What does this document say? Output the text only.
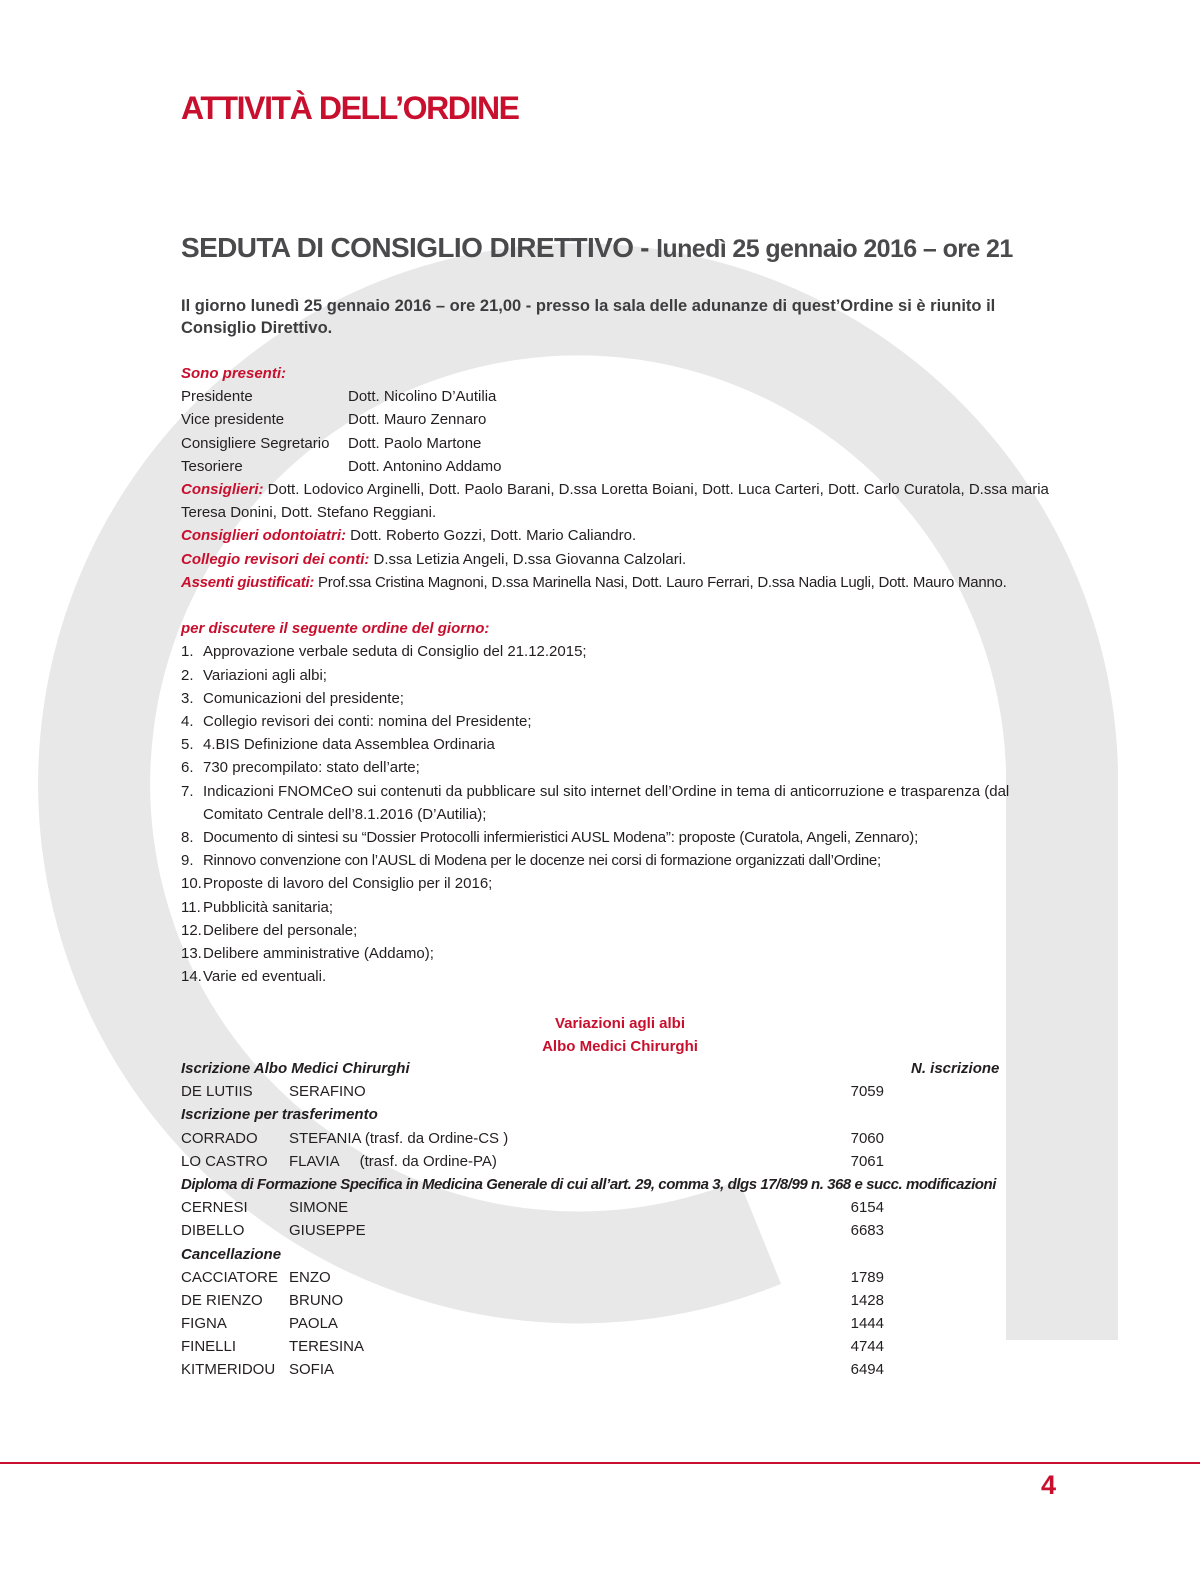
ATTIVITÀ DELL’ORDINE
SEDUTA DI CONSIGLIO DIRETTIVO - lunedì 25 gennaio 2016 – ore 21

Il giorno lunedì 25 gennaio 2016 – ore 21,00 - presso la sala delle adunanze di quest’Ordine si è riunito il Consiglio Direttivo.

Sono presenti:
Presidente	Dott. Nicolino D’Autilia
Vice presidente	Dott. Mauro Zennaro
Consigliere Segretario	Dott. Paolo Martone
Tesoriere	Dott. Antonino Addamo

Consiglieri: Dott. Lodovico Arginelli, Dott. Paolo Barani, D.ssa Loretta Boiani, Dott. Luca Carteri, Dott. Carlo Curatola, D.ssa maria Teresa Donini, Dott. Stefano Reggiani.

Consiglieri odontoiatri: Dott. Roberto Gozzi, Dott. Mario Caliandro.

Collegio revisori dei conti: D.ssa Letizia Angeli, D.ssa Giovanna Calzolari.

Assenti giustificati: Prof.ssa Cristina Magnoni, D.ssa Marinella Nasi, Dott. Lauro Ferrari, D.ssa Nadia Lugli, Dott. Mauro Manno.

per discutere il seguente ordine del giorno:
1. Approvazione verbale seduta di Consiglio del 21.12.2015;
2. Variazioni agli albi;
3. Comunicazioni del presidente;
4. Collegio revisori dei conti: nomina del Presidente;
5. 4.BIS Definizione data Assemblea Ordinaria
6. 730 precompilato: stato dell’arte;
7. Indicazioni FNOMCeO sui contenuti da pubblicare sul sito internet dell’Ordine in tema di anticorruzione e trasparenza (dal Comitato Centrale dell’8.1.2016 (D’Autilia);
8. Documento di sintesi su “Dossier Protocolli infermieristici AUSL Modena”: proposte (Curatola, Angeli, Zennaro);
9. Rinnovo convenzione con l’AUSL di Modena per le docenze nei corsi di formazione organizzati dall’Ordine;
10. Proposte di lavoro del Consiglio per il 2016;
11. Pubblicità sanitaria;
12. Delibere del personale;
13. Delibere amministrative (Addamo);
14. Varie ed eventuali.
Variazioni agli albi
Albo Medici Chirurghi
Iscrizione Albo Medici Chirurghi	N. iscrizione
DE LUTIIS	SERAFINO	7059
Iscrizione per trasferimento
CORRADO	STEFANIA (trasf. da Ordine-CS )	7060
LO CASTRO	FLAVIA     (trasf. da Ordine-PA)	7061
Diploma di Formazione Specifica in Medicina Generale di cui all’art. 29, comma 3, dlgs 17/8/99 n. 368 e succ. modificazioni
CERNESI	SIMONE	6154
DIBELLO	GIUSEPPE	6683
Cancellazione
CACCIATORE ENZO	1789
DE RIENZO	BRUNO	1428
FIGNA	PAOLA	1444
FINELLI	TERESINA	4744
KITMERIDOU SOFIA	6494

4
